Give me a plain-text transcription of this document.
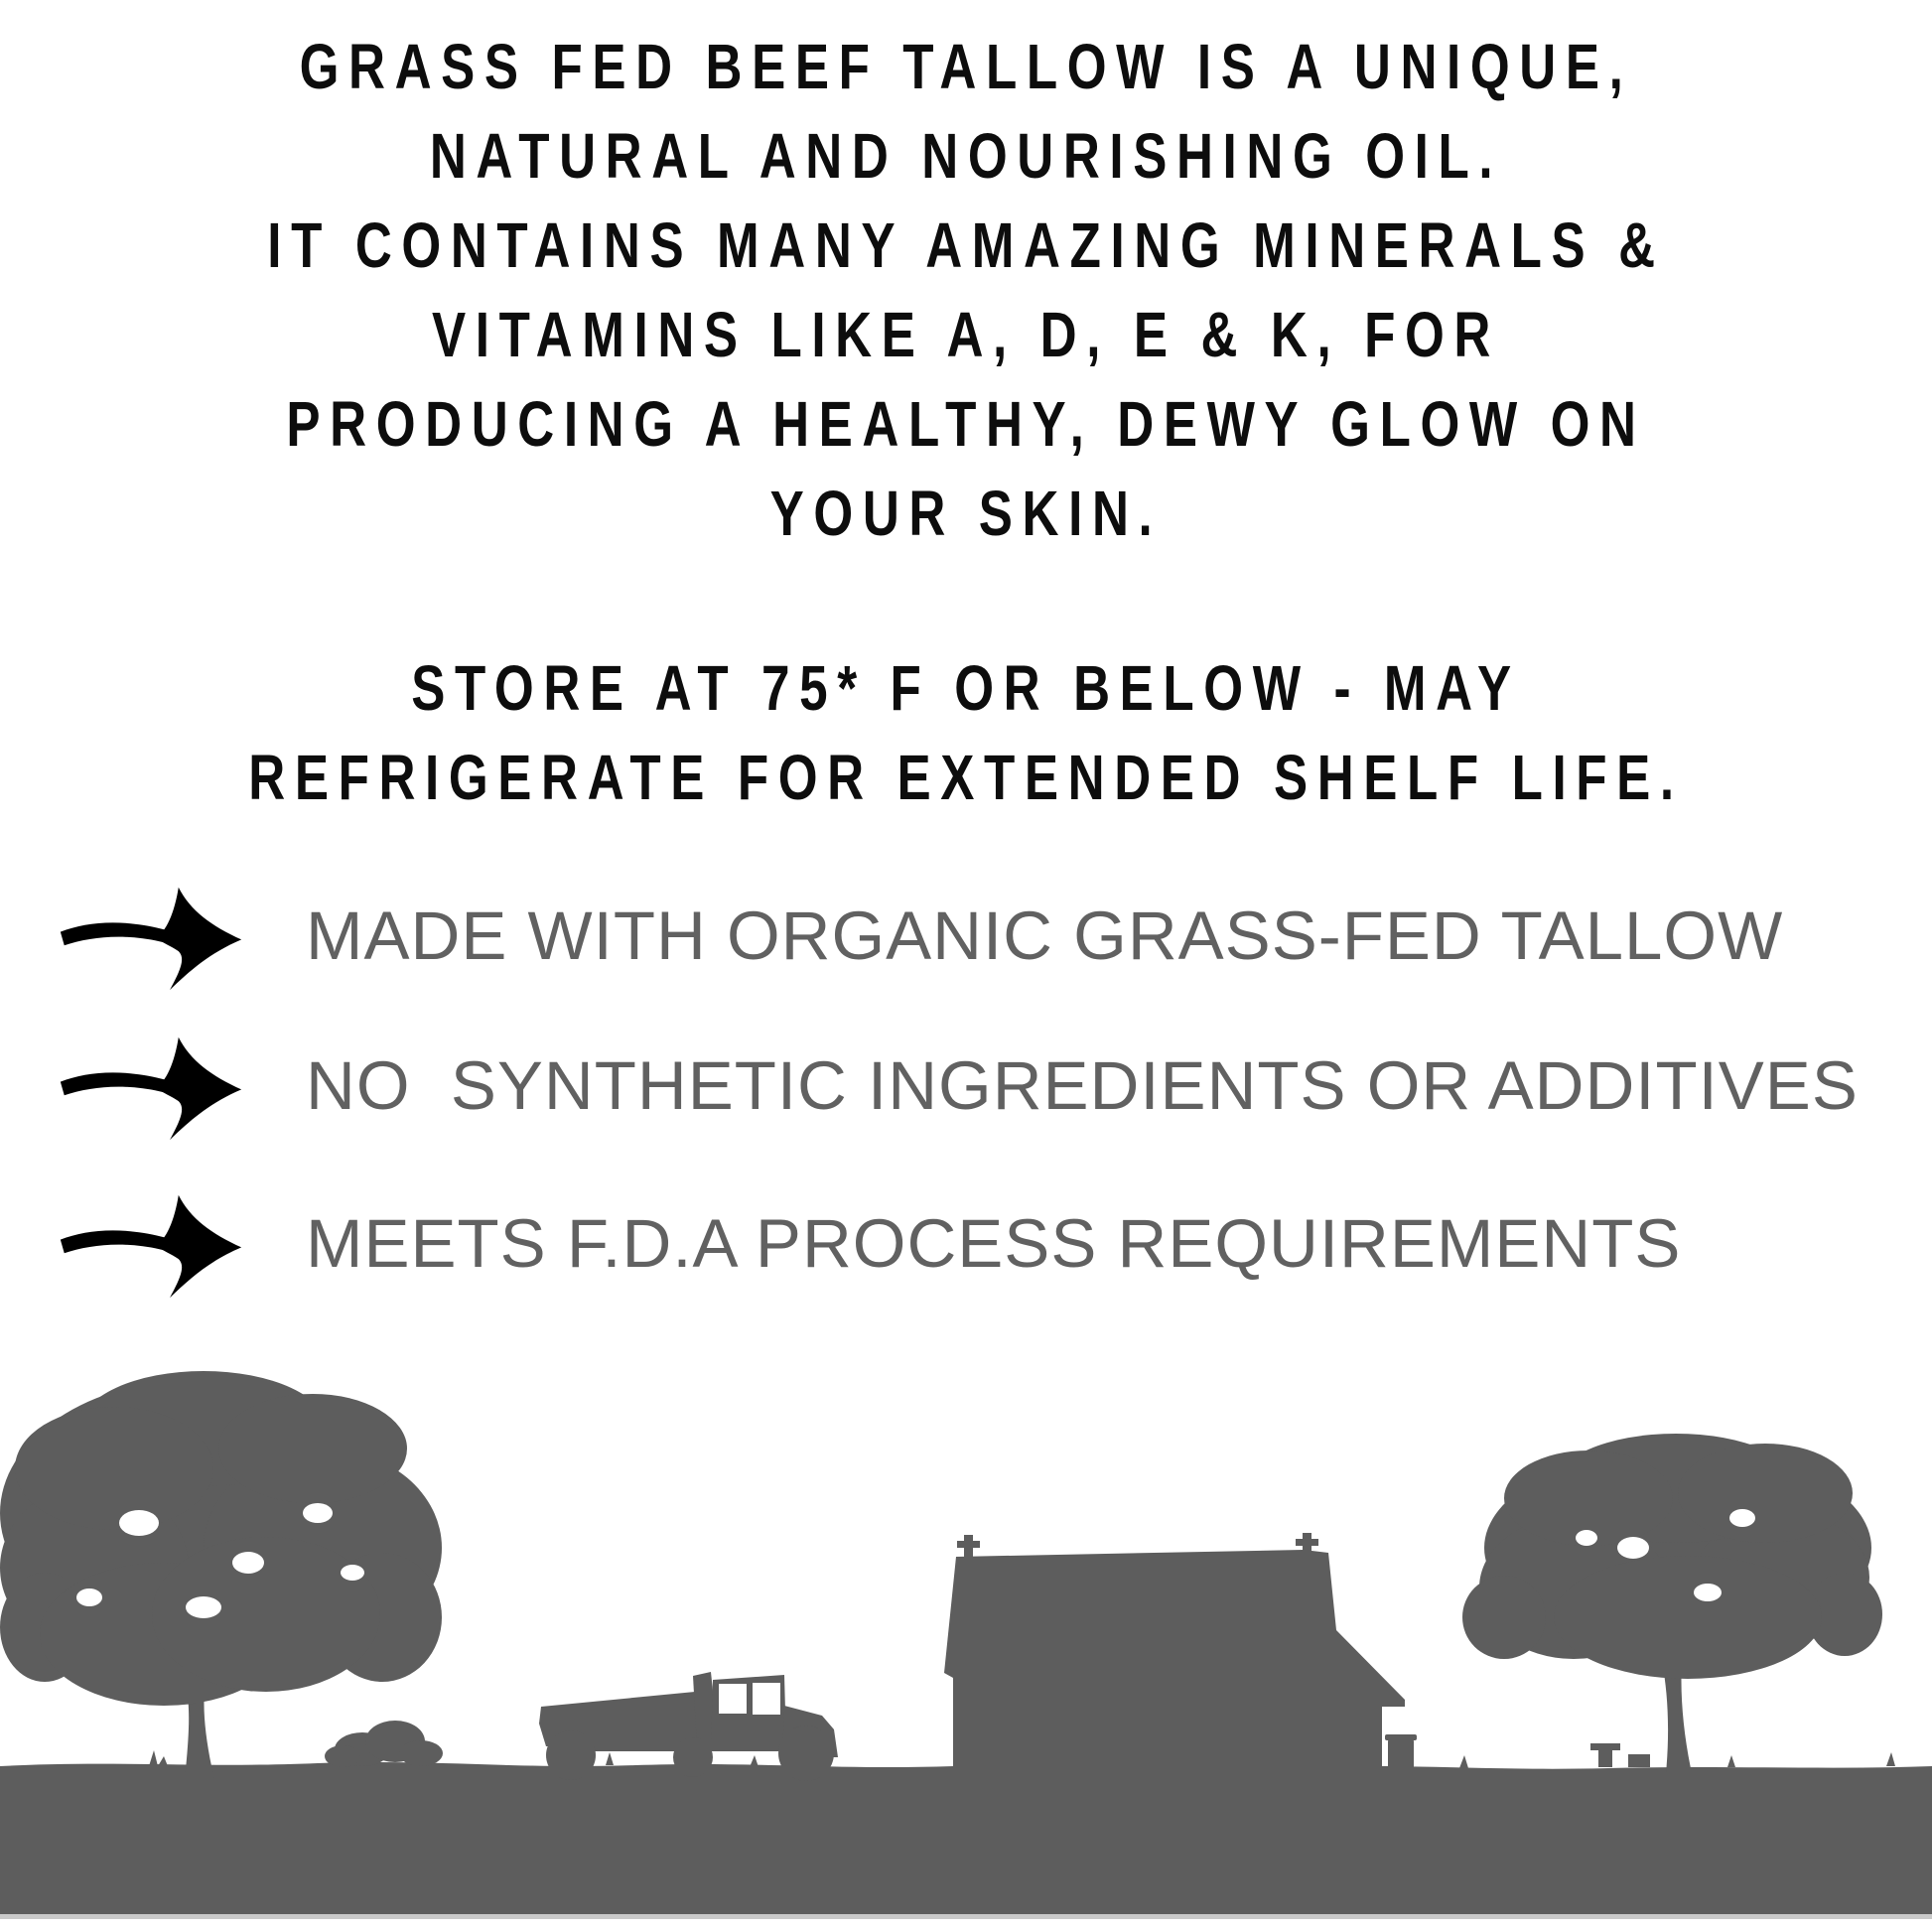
GRASS FED BEEF TALLOW IS A UNIQUE,
NATURAL AND NOURISHING OIL.
IT CONTAINS MANY AMAZING MINERALS &
VITAMINS LIKE A, D, E & K, FOR
PRODUCING A HEALTHY, DEWY GLOW ON
YOUR SKIN.
STORE AT 75* F OR BELOW - MAY
REFRIGERATE FOR EXTENDED SHELF LIFE.
MADE WITH ORGANIC GRASS-FED TALLOW
NO  SYNTHETIC INGREDIENTS OR ADDITIVES
MEETS F.D.A PROCESS REQUIREMENTS
